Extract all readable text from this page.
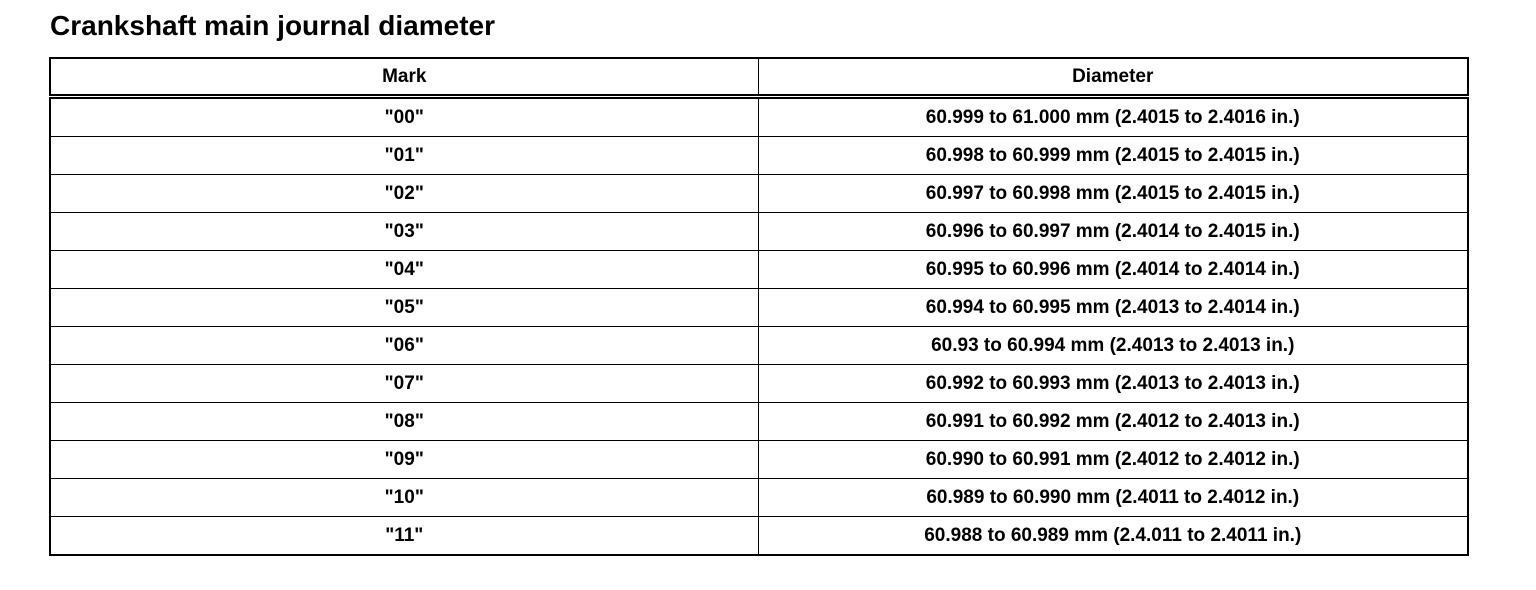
Crankshaft main journal diameter
Mark	Diameter
"00"	60.999 to 61.000 mm (2.4015 to 2.4016 in.)
"01"	60.998 to 60.999 mm (2.4015 to 2.4015 in.)
"02"	60.997 to 60.998 mm (2.4015 to 2.4015 in.)
"03"	60.996 to 60.997 mm (2.4014 to 2.4015 in.)
"04"	60.995 to 60.996 mm (2.4014 to 2.4014 in.)
"05"	60.994 to 60.995 mm (2.4013 to 2.4014 in.)
"06"	60.93 to 60.994 mm (2.4013 to 2.4013 in.)
"07"	60.992 to 60.993 mm (2.4013 to 2.4013 in.)
"08"	60.991 to 60.992 mm (2.4012 to 2.4013 in.)
"09"	60.990 to 60.991 mm (2.4012 to 2.4012 in.)
"10"	60.989 to 60.990 mm (2.4011 to 2.4012 in.)
"11"	60.988 to 60.989 mm (2.4.011 to 2.4011 in.)
